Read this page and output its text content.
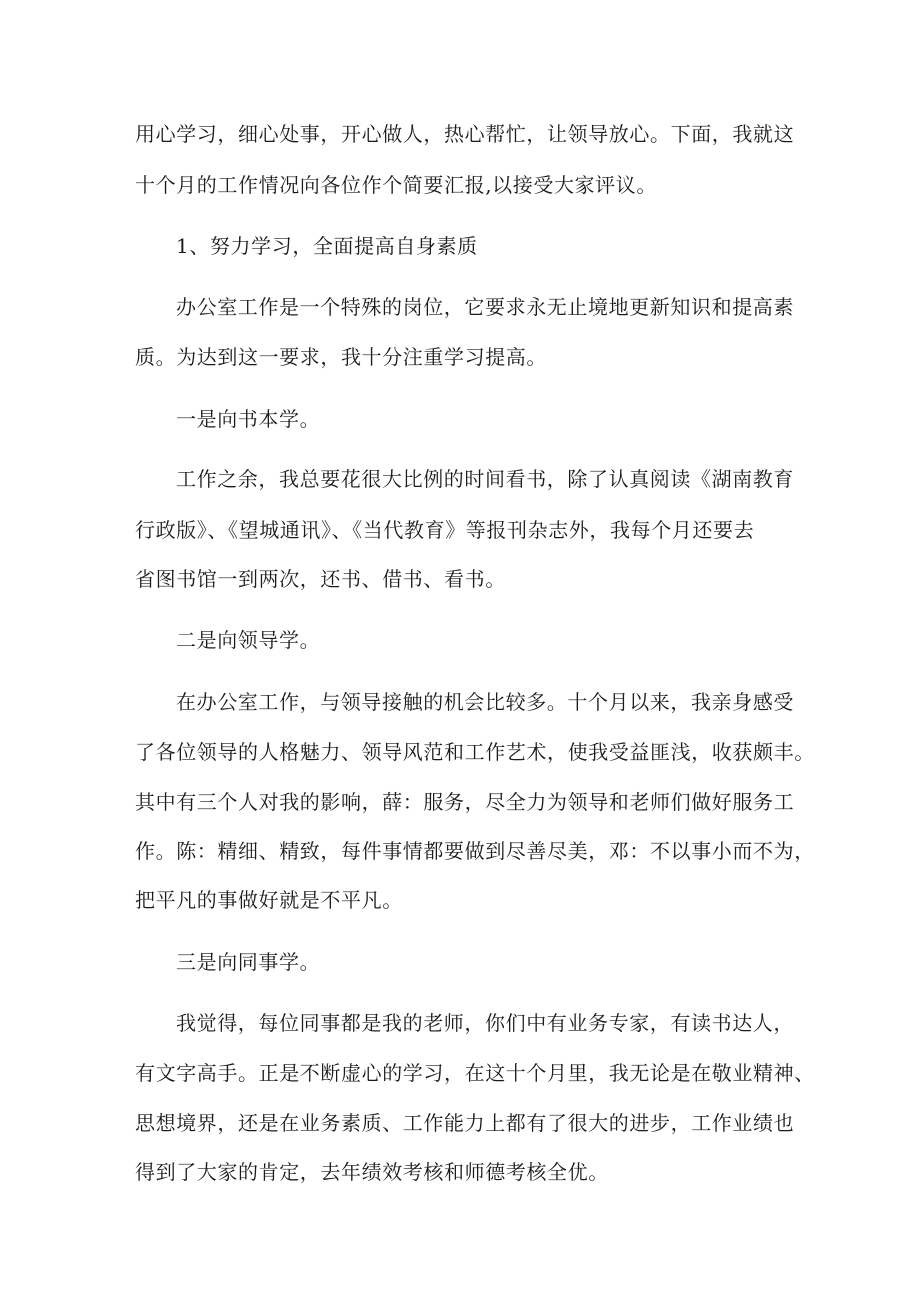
用心学习，细心处事，开心做人，热心帮忙，让领导放心。下面，我就这
十个月的工作情况向各位作个简要汇报,以接受大家评议。
1、努力学习，全面提高自身素质
办公室工作是一个特殊的岗位，它要求永无止境地更新知识和提高素
质。为达到这一要求，我十分注重学习提高。
一是向书本学。
工作之余，我总要花很大比例的时间看书，除了认真阅读《湖南教育
行政版》、《望城通讯》、《当代教育》等报刊杂志外，我每个月还要去
省图书馆一到两次，还书、借书、看书。
二是向领导学。
在办公室工作，与领导接触的机会比较多。十个月以来，我亲身感受
了各位领导的人格魅力、领导风范和工作艺术，使我受益匪浅，收获颇丰。
其中有三个人对我的影响，薛：服务，尽全力为领导和老师们做好服务工
作。陈：精细、精致，每件事情都要做到尽善尽美，邓：不以事小而不为，
把平凡的事做好就是不平凡。
三是向同事学。
我觉得，每位同事都是我的老师，你们中有业务专家，有读书达人，
有文字高手。正是不断虚心的学习，在这十个月里，我无论是在敬业精神、
思想境界，还是在业务素质、工作能力上都有了很大的进步，工作业绩也
得到了大家的肯定，去年绩效考核和师德考核全优。
